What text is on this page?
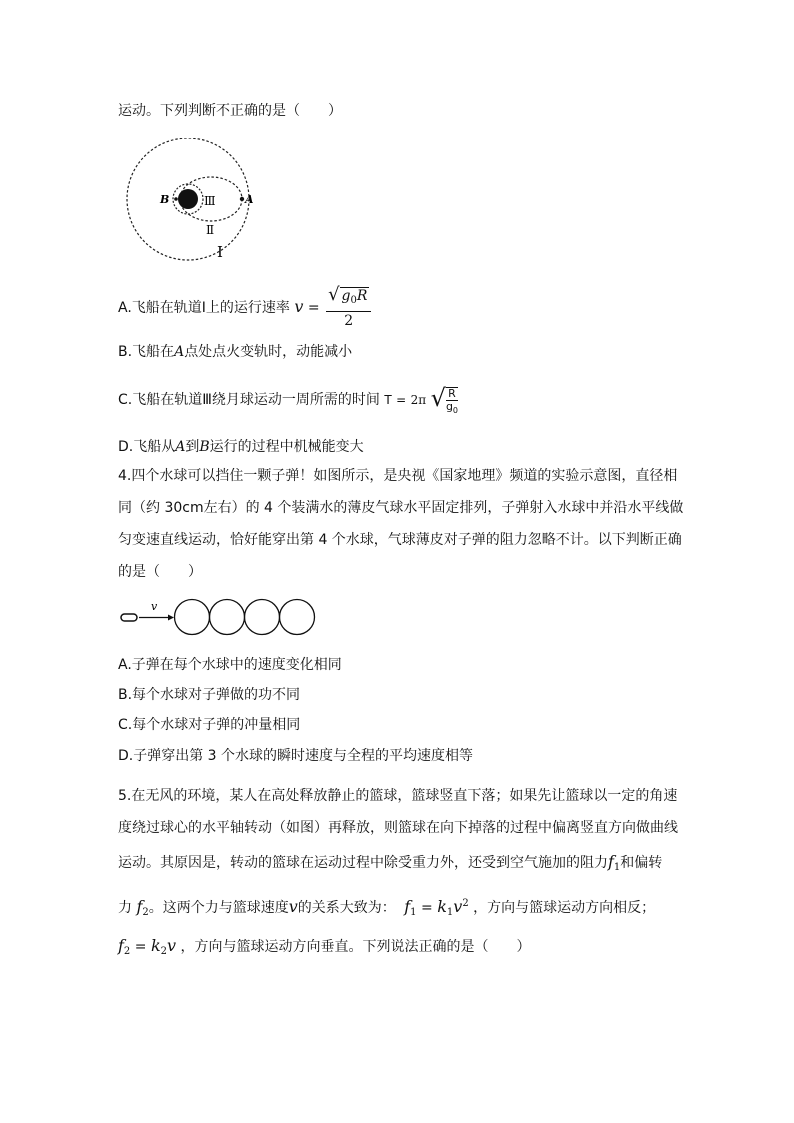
运动。下列判断不正确的是（　　）
B	A
Ⅲ
Ⅱ
Ⅰ
A.飞船在轨道Ⅰ上的运行速率 $v = \frac{√ g_0R}{2}$
B.飞船在A点处点火变轨时，动能减小
C.飞船在轨道Ⅲ绕月球运动一周所需的时间 T = 2π √ $\frac{R}{g_0}$
D.飞船从A到B运行的过程中机械能变大
4.四个水球可以挡住一颗子弹！如图所示，是央视《国家地理》频道的实验示意图，直径相
同（约 30cm左右）的 4 个装满水的薄皮气球水平固定排列，子弹射入水球中并沿水平线做
匀变速直线运动，恰好能穿出第 4 个水球，气球薄皮对子弹的阻力忽略不计。以下判断正确
的是（　　）
v
A.子弹在每个水球中的速度变化相同
B.每个水球对子弹做的功不同
C.每个水球对子弹的冲量相同
D.子弹穿出第 3 个水球的瞬时速度与全程的平均速度相等
5.在无风的环境，某人在高处释放静止的篮球，篮球竖直下落；如果先让篮球以一定的角速
度绕过球心的水平轴转动（如图）再释放，则篮球在向下掉落的过程中偏离竖直方向做曲线
运动。其原因是，转动的篮球在运动过程中除受重力外，还受到空气施加的阻力$f_1$和偏转
力 $f_2$。这两个力与篮球速度v的关系大致为： $f_1 = k_1v^2$ ，方向与篮球运动方向相反；
$f_2 = k_2v$ ，方向与篮球运动方向垂直。下列说法正确的是（　　）
